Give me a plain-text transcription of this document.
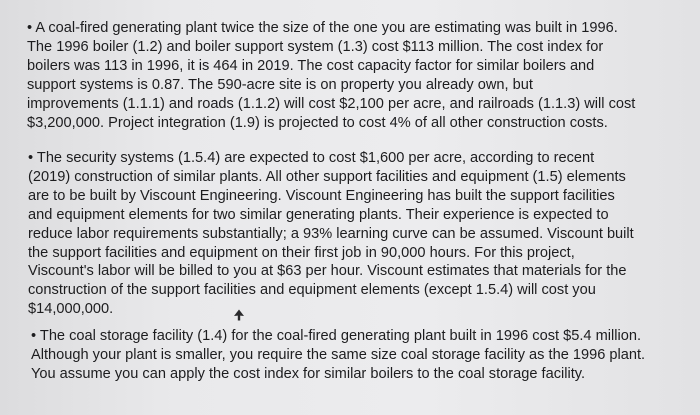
• A coal-fired generating plant twice the size of the one you are estimating was built in 1996.
The 1996 boiler (1.2) and boiler support system (1.3) cost $113 million. The cost index for
boilers was 113 in 1996, it is 464 in 2019. The cost capacity factor for similar boilers and
support systems is 0.87. The 590-acre site is on property you already own, but
improvements (1.1.1) and roads (1.1.2) will cost $2,100 per acre, and railroads (1.1.3) will cost
$3,200,000. Project integration (1.9) is projected to cost 4% of all other construction costs.
• The security systems (1.5.4) are expected to cost $1,600 per acre, according to recent
(2019) construction of similar plants. All other support facilities and equipment (1.5) elements
are to be built by Viscount Engineering. Viscount Engineering has built the support facilities
and equipment elements for two similar generating plants. Their experience is expected to
reduce labor requirements substantially; a 93% learning curve can be assumed. Viscount built
the support facilities and equipment on their first job in 90,000 hours. For this project,
Viscount's labor will be billed to you at $63 per hour. Viscount estimates that materials for the
construction of the support facilities and equipment elements (except 1.5.4) will cost you
$14,000,000.
• The coal storage facility (1.4) for the coal-fired generating plant built in 1996 cost $5.4 million.
Although your plant is smaller, you require the same size coal storage facility as the 1996 plant.
You assume you can apply the cost index for similar boilers to the coal storage facility.
